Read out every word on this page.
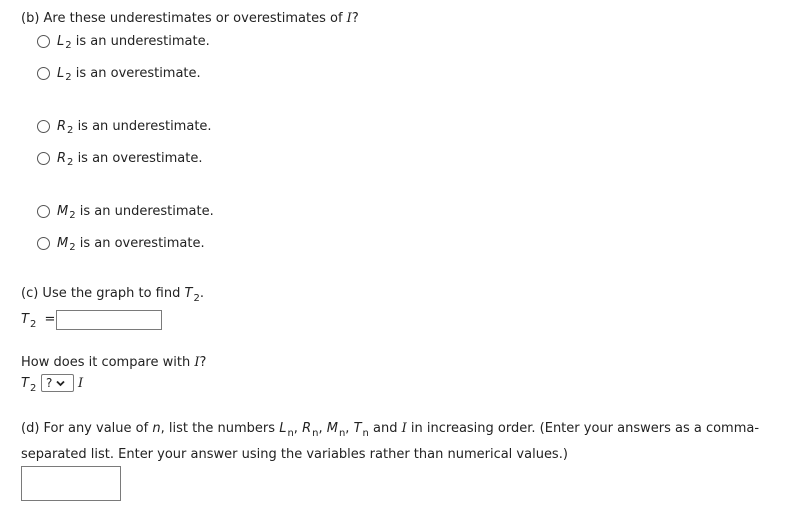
(b) Are these underestimates or overestimates of I?
L 2
is an underestimate.
L 2
is an overestimate.
R 2
is an underestimate.
R 2
is an overestimate.
M 2
is an underestimate.
M 2
is an overestimate.
(c) Use the graph to find $T_2$.
$T_2$ =
How does it compare with I?
$T_2$ ? I
(d) For any value of n, list the numbers $L_n$, $R_n$, $M_n$, $T_n$ and I in increasing order. (Enter your answers as a comma-separated list. Enter your answer using the variables rather than numerical values.)
